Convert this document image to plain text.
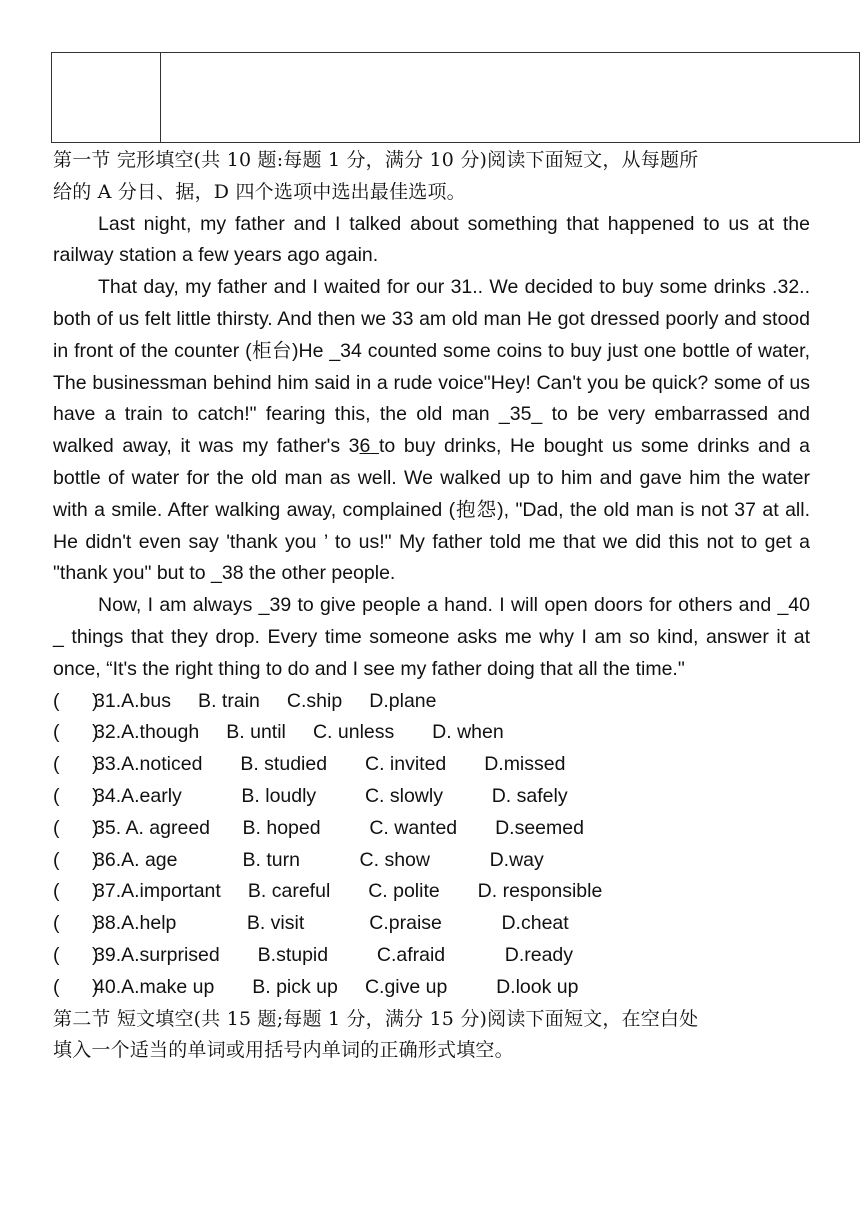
第一节 完形填空(共 10 题:每题 1 分，满分 10 分)阅读下面短文，从每题所
给的 A 分日、据，D 四个选项中选出最佳选项。

Last night, my father and I talked about something that happened to us at the railway station a few years ago again.

That day, my father and I waited for our 31.. We decided to buy some drinks .32.. both of us felt little thirsty. And then we 33 am old man He got dressed poorly and stood in front of the counter (柜台)He _34 counted some coins to buy just one bottle of water, The businessman behind him said in a rude voice"Hey! Can't you be quick? some of us have a train to catch!" fearing this, the old man _35_ to be very embarrassed and walked away, it was my father's 36 to buy drinks, He bought us some drinks and a bottle of water for the old man as well. We walked up to him and gave him the water with a smile. After walking away, complained (抱怨), "Dad, the old man is not 37 at all. He didn't even say 'thank you ’ to us!" My father told me that we did this not to get a "thank you" but to _38 the other people.

Now, I am always _39 to give people a hand. I will open doors for others and _40 _ things that they drop. Every time someone asks me why I am so kind, answer it at once, “It's the right thing to do and I see my father doing that all the time."

(      )
31.A.bus     B. train     C.ship     D.plane
(      )
32.A.though     B. until     C. unless       D. when
(      )
33.A.noticed       B. studied       C. invited       D.missed
(      )
34.A.early           B. loudly         C. slowly         D. safely
(      )
35. A. agreed      B. hoped         C. wanted       D.seemed
(      )
36.A. age            B. turn           C. show           D.way
(      )
37.A.important     B. careful       C. polite       D. responsible
(      )
38.A.help             B. visit            C.praise           D.cheat
(      )
39.A.surprised       B.stupid         C.afraid           D.ready
(      )
40.A.make up       B. pick up     C.give up         D.look up

第二节 短文填空(共 15 题;每题 1 分，满分 15 分)阅读下面短文，在空白处
填入一个适当的单词或用括号内单词的正确形式填空。
